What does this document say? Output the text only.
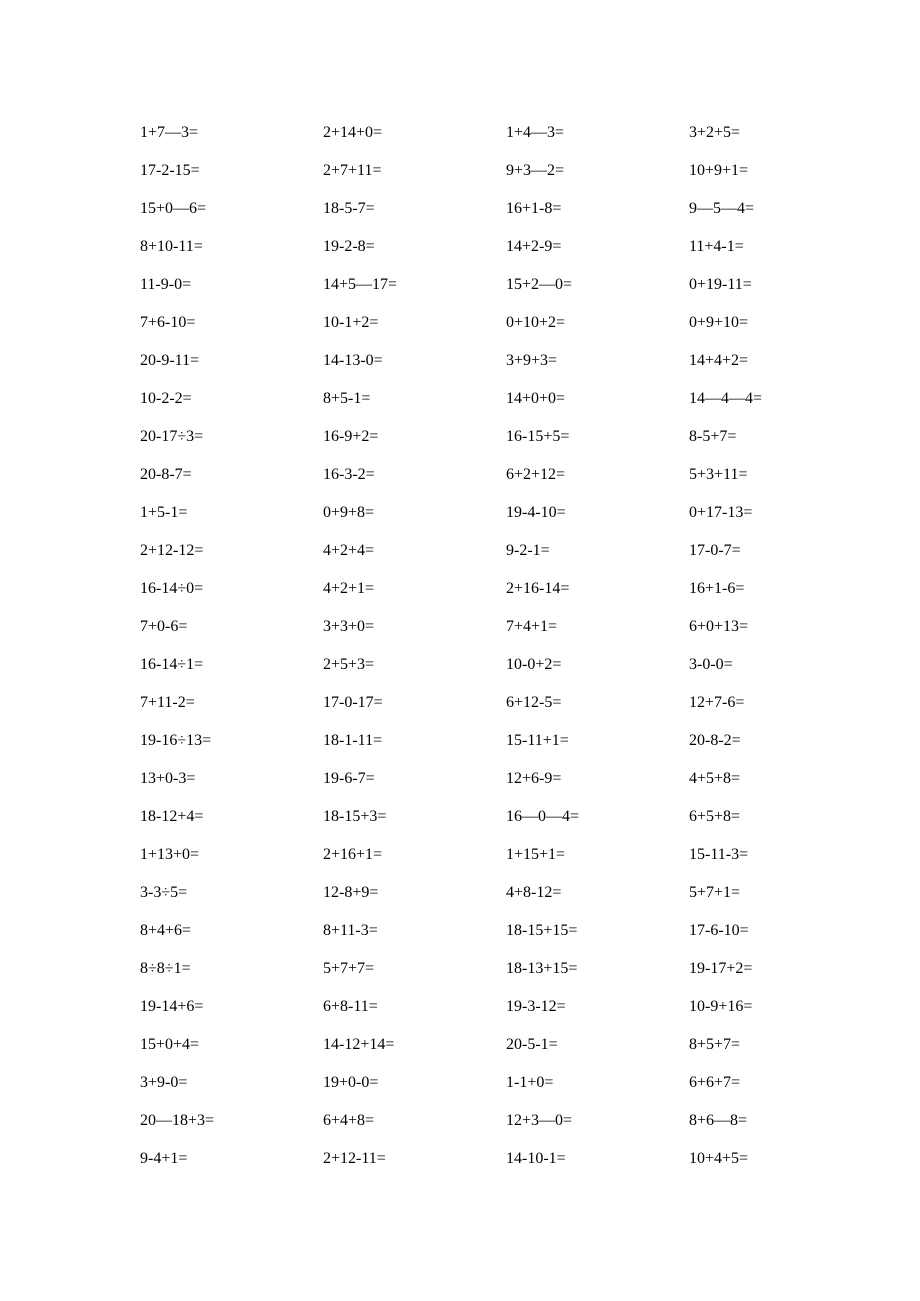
1+7—3=	2+14+0=	1+4—3=	3+2+5=
17-2-15=	2+7+11=	9+3—2=	10+9+1=
15+0—6=	18-5-7=	16+1-8=	9—5—4=
8+10-11=	19-2-8=	14+2-9=	11+4-1=
11-9-0=	14+5—17=	15+2—0=	0+19-11=
7+6-10=	10-1+2=	0+10+2=	0+9+10=
20-9-11=	14-13-0=	3+9+3=	14+4+2=
10-2-2=	8+5-1=	14+0+0=	14—4—4=
20-17÷3=	16-9+2=	16-15+5=	8-5+7=
20-8-7=	16-3-2=	6+2+12=	5+3+11=
1+5-1=	0+9+8=	19-4-10=	0+17-13=
2+12-12=	4+2+4=	9-2-1=	17-0-7=
16-14÷0=	4+2+1=	2+16-14=	16+1-6=
7+0-6=	3+3+0=	7+4+1=	6+0+13=
16-14÷1=	2+5+3=	10-0+2=	3-0-0=
7+11-2=	17-0-17=	6+12-5=	12+7-6=
19-16÷13=	18-1-11=	15-11+1=	20-8-2=
13+0-3=	19-6-7=	12+6-9=	4+5+8=
18-12+4=	18-15+3=	16—0—4=	6+5+8=
1+13+0=	2+16+1=	1+15+1=	15-11-3=
3-3÷5=	12-8+9=	4+8-12=	5+7+1=
8+4+6=	8+11-3=	18-15+15=	17-6-10=
8÷8÷1=	5+7+7=	18-13+15=	19-17+2=
19-14+6=	6+8-11=	19-3-12=	10-9+16=
15+0+4=	14-12+14=	20-5-1=	8+5+7=
3+9-0=	19+0-0=	1-1+0=	6+6+7=
20—18+3=	6+4+8=	12+3—0=	8+6—8=
9-4+1=	2+12-11=	14-10-1=	10+4+5=
